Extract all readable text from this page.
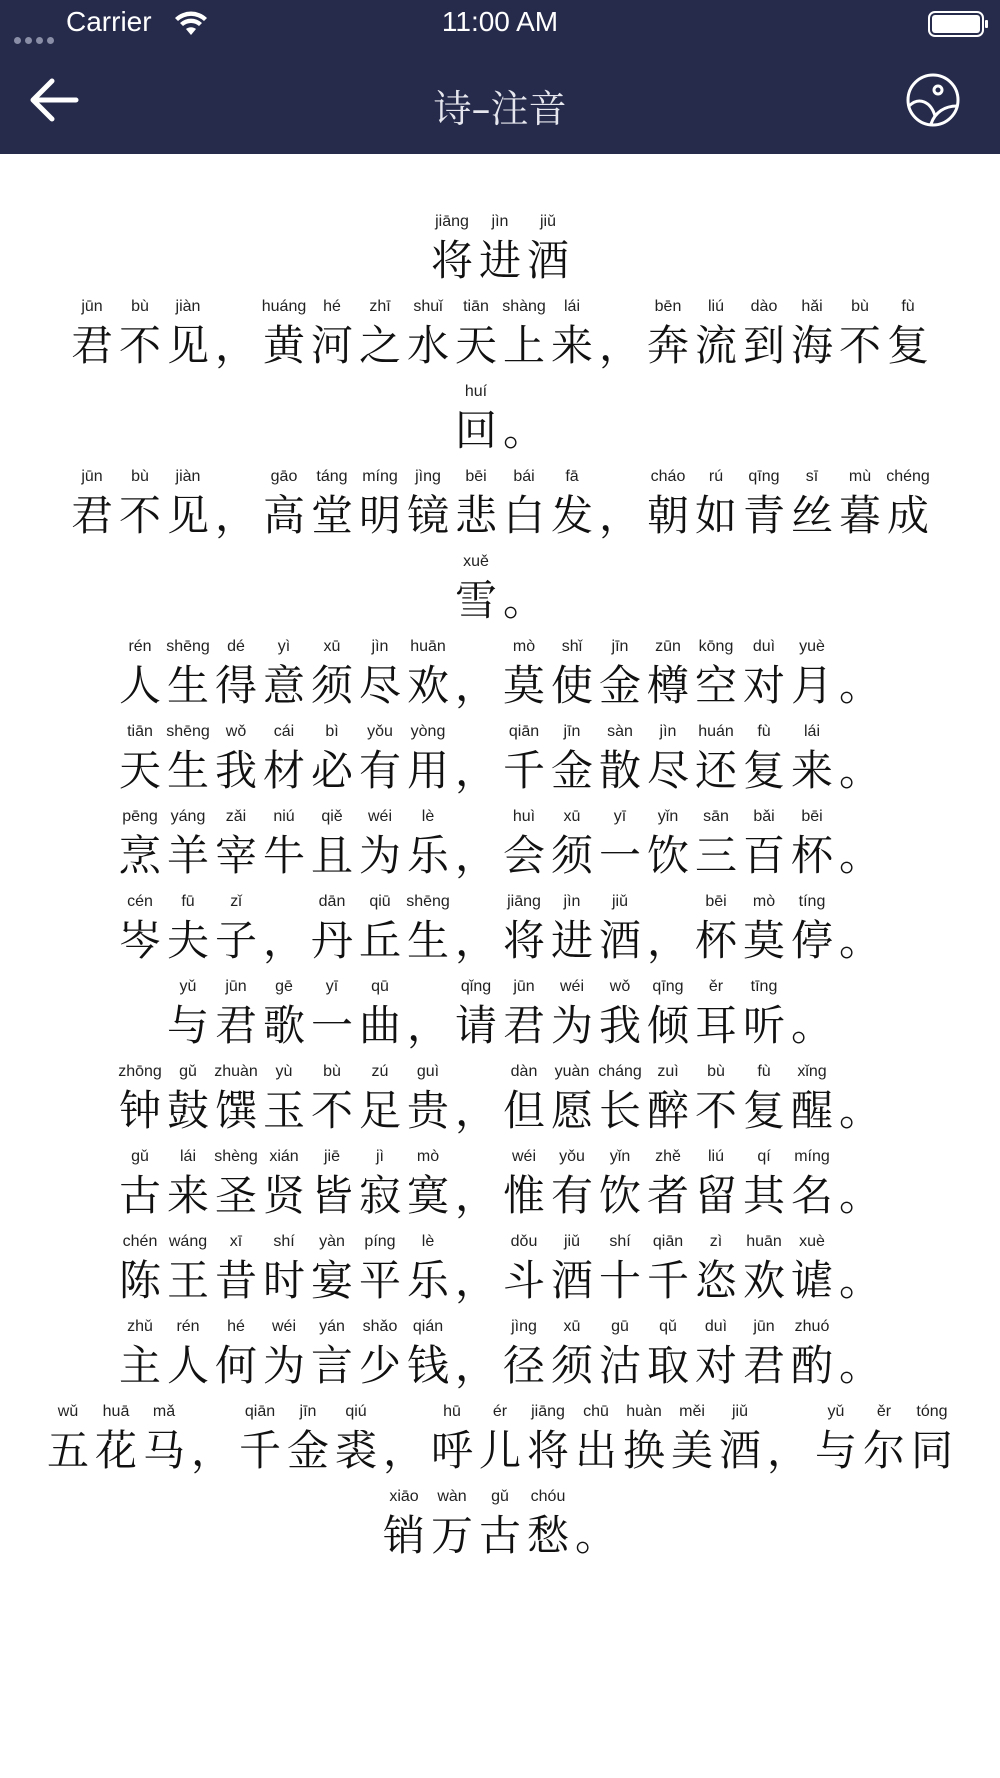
Carrier	11:00 AM
诗–注音
jiāng
将
jìn
进
jiǔ
酒
jūn
君
bù
不
jiàn
见 ，
huáng
黄
hé
河
zhī
之
shuǐ
水
tiān
天
shàng
上
lái
来 ，
bēn
奔
liú
流
dào
到
hǎi
海
bù
不
fù
复
huí
回 。
jūn
君
bù
不
jiàn
见 ，
gāo
高
táng
堂
míng
明
jìng
镜
bēi
悲
bái
白
fā
发 ，
cháo
朝
rú
如
qīng
青
sī
丝
mù
暮
chéng
成
xuě
雪 。
rén
人
shēng
生
dé
得
yì
意
xū
须
jìn
尽
huān
欢 ，
mò
莫
shǐ
使
jīn
金
zūn
樽
kōng
空
duì
对
yuè
月 。
tiān
天
shēng
生
wǒ
我
cái
材
bì
必
yǒu
有
yòng
用 ，
qiān
千
jīn
金
sàn
散
jìn
尽
huán
还
fù
复
lái
来 。
pēng
烹
yáng
羊
zǎi
宰
niú
牛
qiě
且
wéi
为
lè
乐 ，
huì
会
xū
须
yī
一
yǐn
饮
sān
三
bǎi
百
bēi
杯 。
cén
岑
fū
夫
zǐ
子 ，
dān
丹
qiū
丘
shēng
生 ，
jiāng
将
jìn
进
jiǔ
酒 ，
bēi
杯
mò
莫
tíng
停 。
yǔ
与
jūn
君
gē
歌
yī
一
qū
曲 ，
qǐng
请
jūn
君
wéi
为
wǒ
我
qīng
倾
ěr
耳
tīng
听 。
zhōng
钟
gǔ
鼓
zhuàn
馔
yù
玉
bù
不
zú
足
guì
贵 ，
dàn
但
yuàn
愿
cháng
长
zuì
醉
bù
不
fù
复
xǐng
醒 。
gǔ
古
lái
来
shèng
圣
xián
贤
jiē
皆
jì
寂
mò
寞 ，
wéi
惟
yǒu
有
yǐn
饮
zhě
者
liú
留
qí
其
míng
名 。
chén
陈
wáng
王
xī
昔
shí
时
yàn
宴
píng
平
lè
乐 ，
dǒu
斗
jiǔ
酒
shí
十
qiān
千
zì
恣
huān
欢
xuè
谑 。
zhǔ
主
rén
人
hé
何
wéi
为
yán
言
shǎo
少
qián
钱 ，
jìng
径
xū
须
gū
沽
qǔ
取
duì
对
jūn
君
zhuó
酌 。
wǔ
五
huā
花
mǎ
马 ，
qiān
千
jīn
金
qiú
裘 ，
hū
呼
ér
儿
jiāng
将
chū
出
huàn
换
měi
美
jiǔ
酒 ，
yǔ
与
ěr
尔
tóng
同
xiāo
销
wàn
万
gǔ
古
chóu
愁 。
